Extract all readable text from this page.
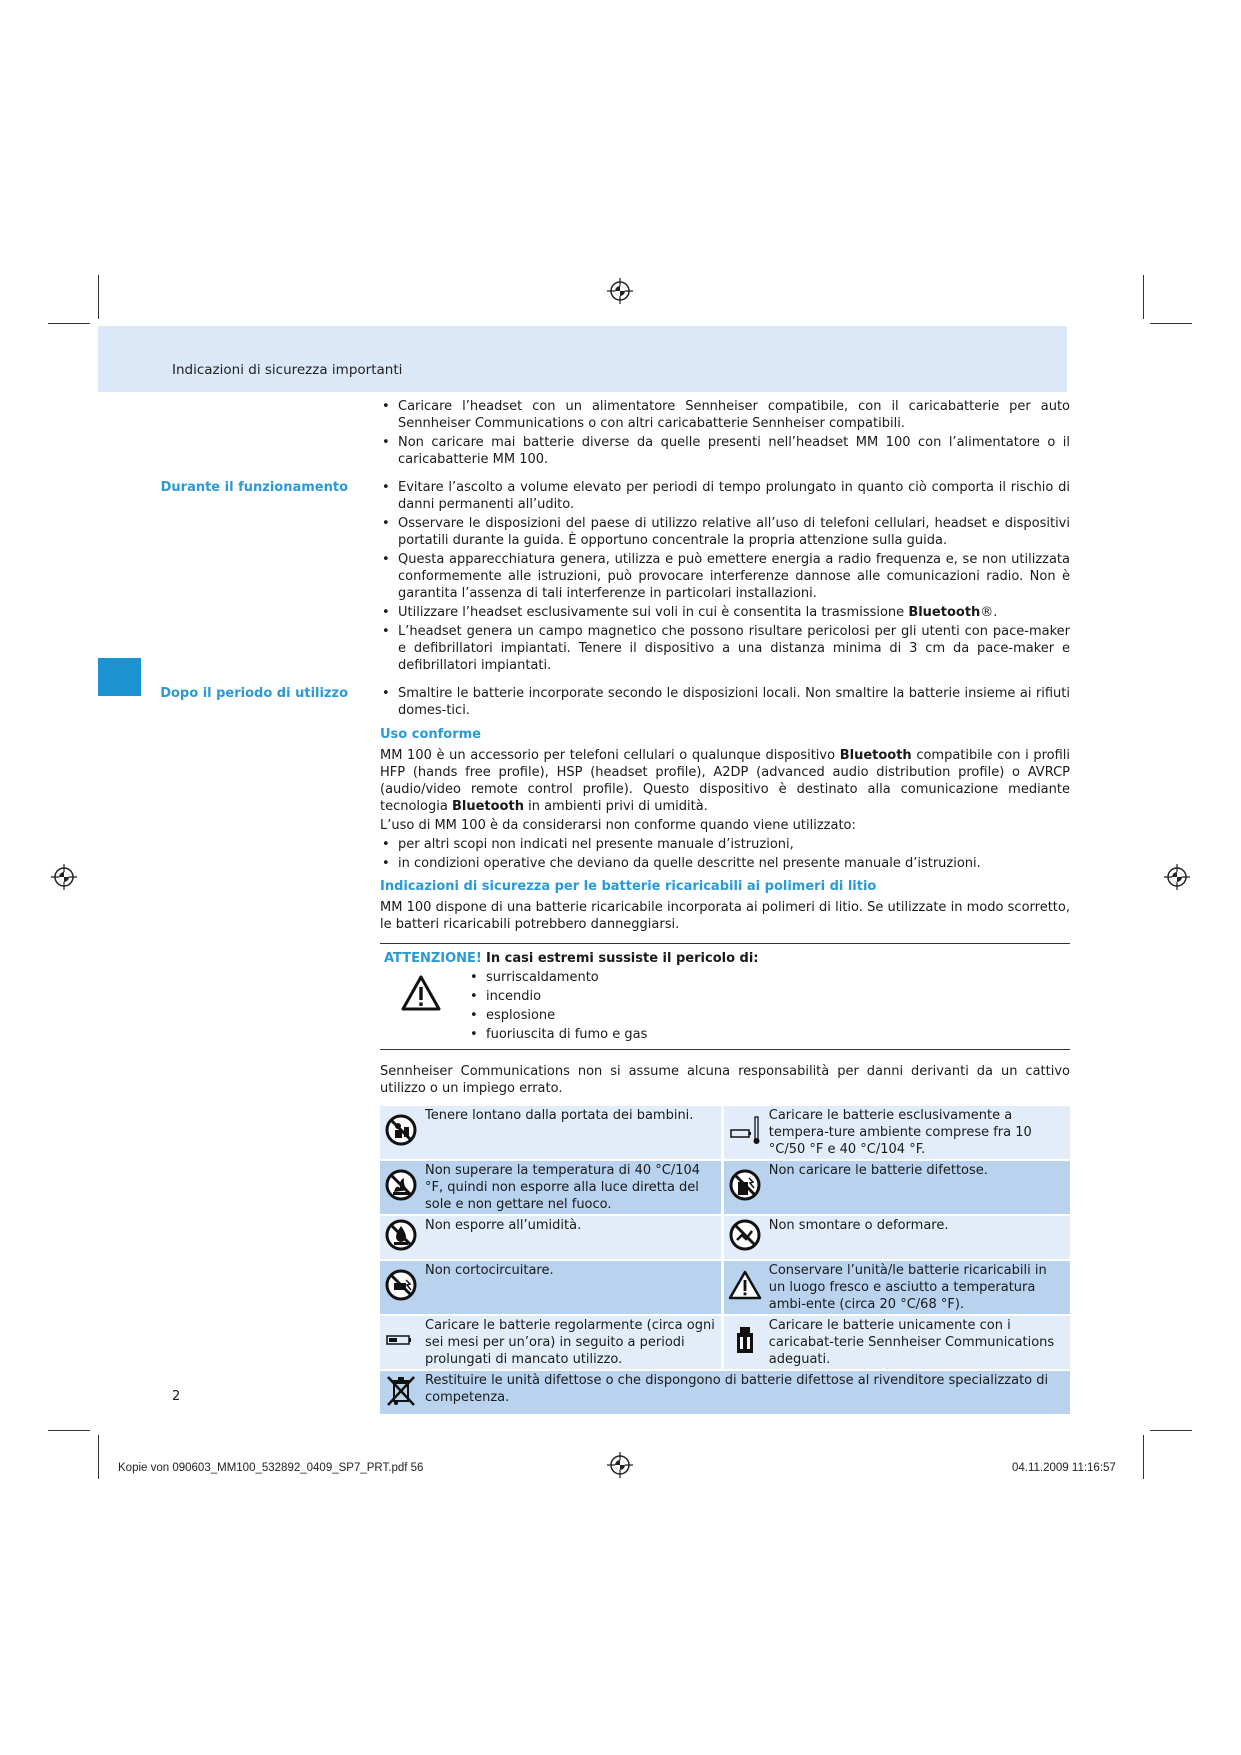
Indicazioni di sicurezza importanti
• Caricare l’headset con un alimentatore Sennheiser compatibile, con il caricabatterie per auto Sennheiser Communications o con altri caricabatterie Sennheiser compatibili.
• Non caricare mai batterie diverse da quelle presenti nell’headset MM 100 con l’alimentatore o il caricabatterie MM 100.
Durante il funzionamento	• Evitare l’ascolto a volume elevato per periodi di tempo prolungato in quanto ciò comporta il rischio di danni permanenti all’udito.
• Osservare le disposizioni del paese di utilizzo relative all’uso di telefoni cellulari, headset e dispositivi portatili durante la guida. È opportuno concentrale la propria attenzione sulla guida.
• Questa apparecchiatura genera, utilizza e può emettere energia a radio frequenza e, se non utilizzata conformemente alle istruzioni, può provocare interferenze dannose alle comunicazioni radio. Non è garantita l’assenza di tali interferenze in particolari installazioni.
• Utilizzare l’headset esclusivamente sui voli in cui è consentita la trasmissione Bluetooth®.
• L’headset genera un campo magnetico che possono risultare pericolosi per gli utenti con pace-maker e defibrillatori impiantati. Tenere il dispositivo a una distanza minima di 3 cm da pace-maker e defibrillatori impiantati.
Dopo il periodo di utilizzo	• Smaltire le batterie incorporate secondo le disposizioni locali. Non smaltire la batterie insieme ai rifiuti domes-tici.
Uso conforme
MM 100 è un accessorio per telefoni cellulari o qualunque dispositivo Bluetooth compatibile con i profili HFP (hands free profile), HSP (headset profile), A2DP (advanced audio distribution profile) o AVRCP (audio/video remote control profile). Questo dispositivo è destinato alla comunicazione mediante tecnologia Bluetooth in ambienti privi di umidità.
L’uso di MM 100 è da considerarsi non conforme quando viene utilizzato:
• per altri scopi non indicati nel presente manuale d’istruzioni,
• in condizioni operative che deviano da quelle descritte nel presente manuale d’istruzioni.
Indicazioni di sicurezza per le batterie ricaricabili ai polimeri di litio
MM 100 dispone di una batterie ricaricabile incorporata ai polimeri di litio. Se utilizzate in modo scorretto, le batteri ricaricabili potrebbero danneggiarsi.
ATTENZIONE! In casi estremi sussiste il pericolo di:
• surriscaldamento
• incendio
• esplosione
• fuoriuscita di fumo e gas
Sennheiser Communications non si assume alcuna responsabilità per danni derivanti da un cattivo utilizzo o un impiego errato.
	Tenere lontano dalla portata dei bambini.		Caricare le batterie esclusivamente a tempera-ture ambiente comprese fra 10 °C/50 °F e 40 °C/104 °F.
	Non superare la temperatura di 40 °C/104 °F, quindi non esporre alla luce diretta del sole e non gettare nel fuoco.		Non caricare le batterie difettose.
	Non esporre all’umidità.		Non smontare o deformare.
	Non cortocircuitare.		Conservare l’unità/le batterie ricaricabili in un luogo fresco e asciutto a temperatura ambi-ente (circa 20 °C/68 °F).
	Caricare le batterie regolarmente (circa ogni sei mesi per un’ora) in seguito a periodi prolungati di mancato utilizzo.		Caricare le batterie unicamente con i caricabat-terie Sennheiser Communications adeguati.
	Restituire le unità difettose o che dispongono di batterie difettose al rivenditore specializzato di competenza.		
2
Kopie von 090603_MM100_532892_0409_SP7_PRT.pdf 56	04.11.2009 11:16:57
